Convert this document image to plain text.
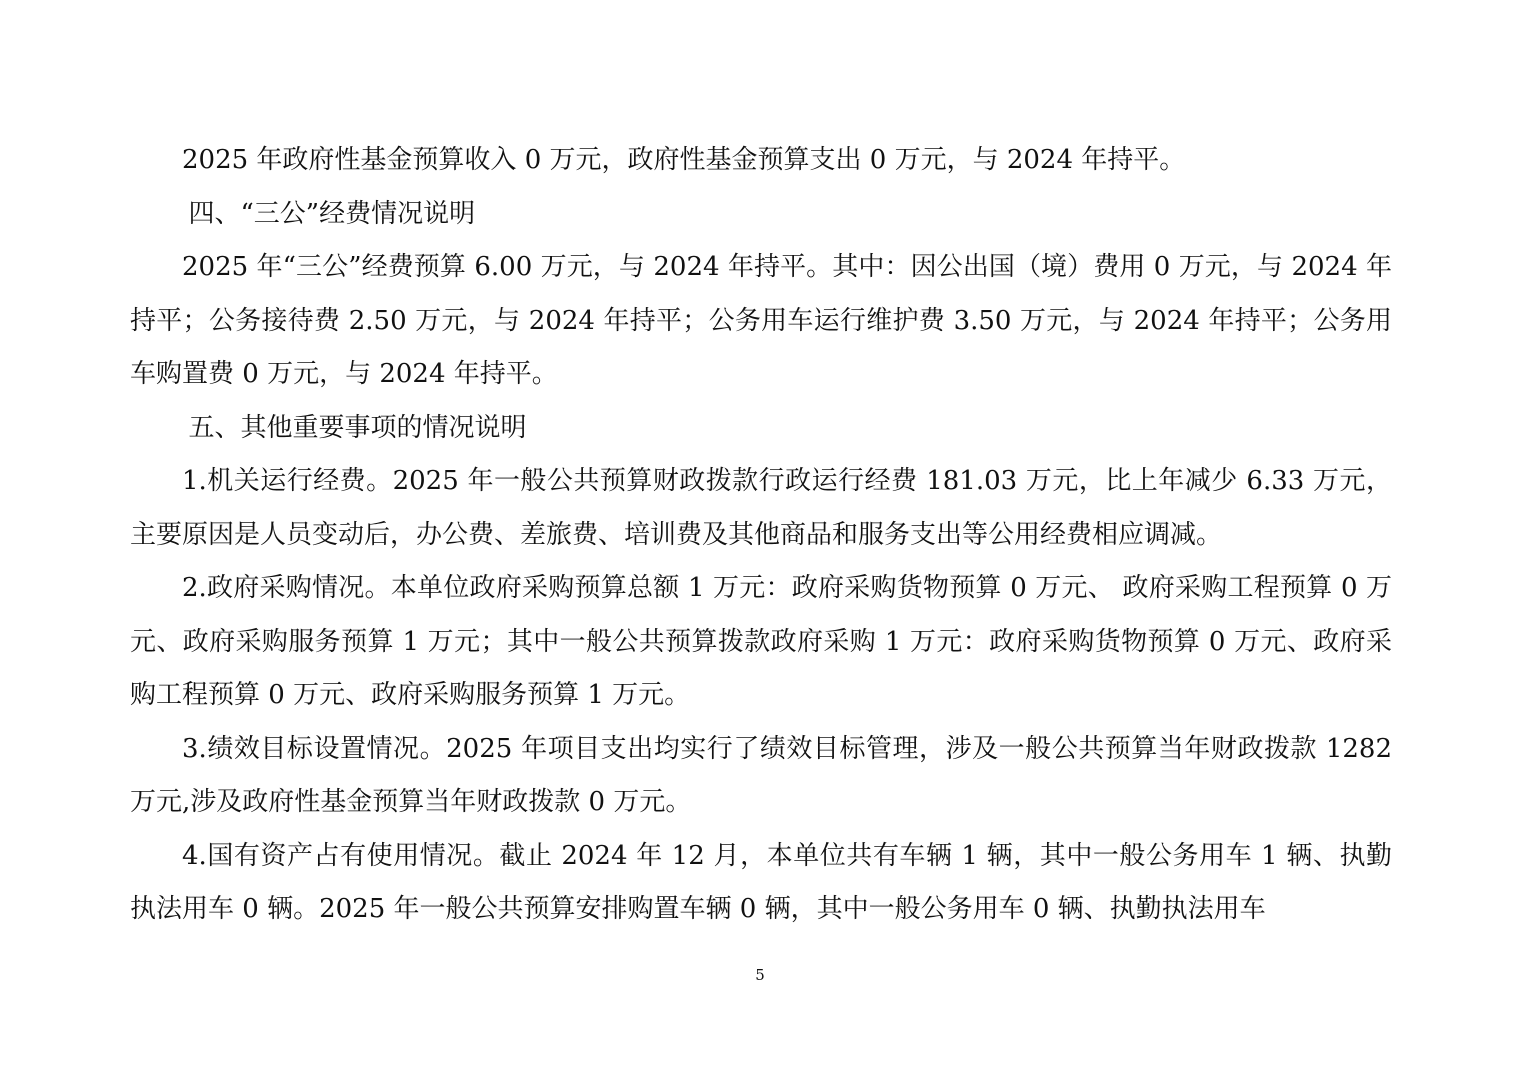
2025 年政府性基金预算收入 0 万元，政府性基金预算支出 0 万元，与 2024 年持平。

四、“三公”经费情况说明

2025 年“三公”经费预算 6.00 万元，与 2024 年持平。其中：因公出国（境）费用 0 万元，与 2024 年持平；公务接待费 2.50 万元，与 2024 年持平；公务用车运行维护费 3.50 万元，与 2024 年持平；公务用车购置费 0 万元，与 2024 年持平。

五、其他重要事项的情况说明

1.机关运行经费。2025 年一般公共预算财政拨款行政运行经费 181.03 万元，比上年减少 6.33 万元，主要原因是人员变动后，办公费、差旅费、培训费及其他商品和服务支出等公用经费相应调减。

2.政府采购情况。本单位政府采购预算总额 1 万元：政府采购货物预算 0 万元、 政府采购工程预算 0 万元、政府采购服务预算 1 万元；其中一般公共预算拨款政府采购 1 万元：政府采购货物预算 0 万元、政府采购工程预算 0 万元、政府采购服务预算 1 万元。

3.绩效目标设置情况。2025 年项目支出均实行了绩效目标管理，涉及一般公共预算当年财政拨款 1282 万元,涉及政府性基金预算当年财政拨款 0 万元。

4.国有资产占有使用情况。截止 2024 年 12 月，本单位共有车辆 1 辆，其中一般公务用车 1 辆、执勤执法用车 0 辆。2025 年一般公共预算安排购置车辆 0 辆，其中一般公务用车 0 辆、执勤执法用车

5
